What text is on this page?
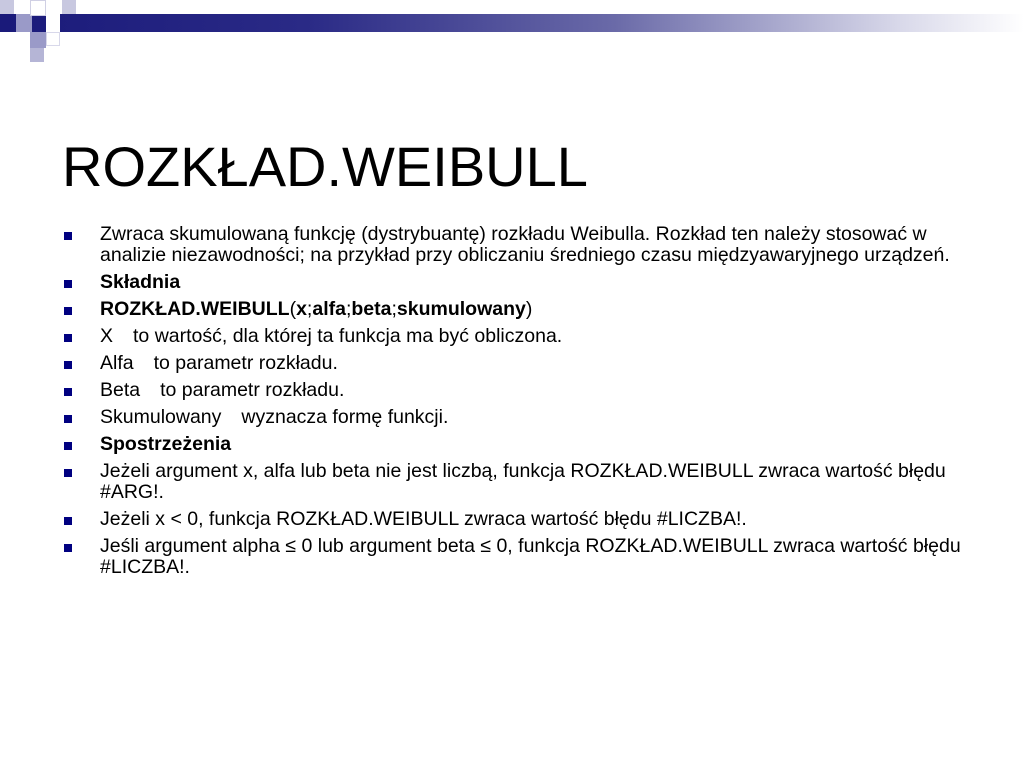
ROZKŁAD.WEIBULL
Zwraca skumulowaną funkcję (dystrybuantę) rozkładu Weibulla. Rozkład ten należy stosować w analizie niezawodności; na przykład przy obliczaniu średniego czasu międzyawaryjnego urządzeń.
Składnia
ROZKŁAD.WEIBULL(x;alfa;beta;skumulowany)
X to wartość, dla której ta funkcja ma być obliczona.
Alfa to parametr rozkładu.
Beta to parametr rozkładu.
Skumulowany wyznacza formę funkcji.
Spostrzeżenia
Jeżeli argument x, alfa lub beta nie jest liczbą, funkcja ROZKŁAD.WEIBULL zwraca wartość błędu #ARG!.
Jeżeli x < 0, funkcja ROZKŁAD.WEIBULL zwraca wartość błędu #LICZBA!.
Jeśli argument alpha ≤ 0 lub argument beta ≤ 0, funkcja ROZKŁAD.WEIBULL zwraca wartość błędu #LICZBA!.
